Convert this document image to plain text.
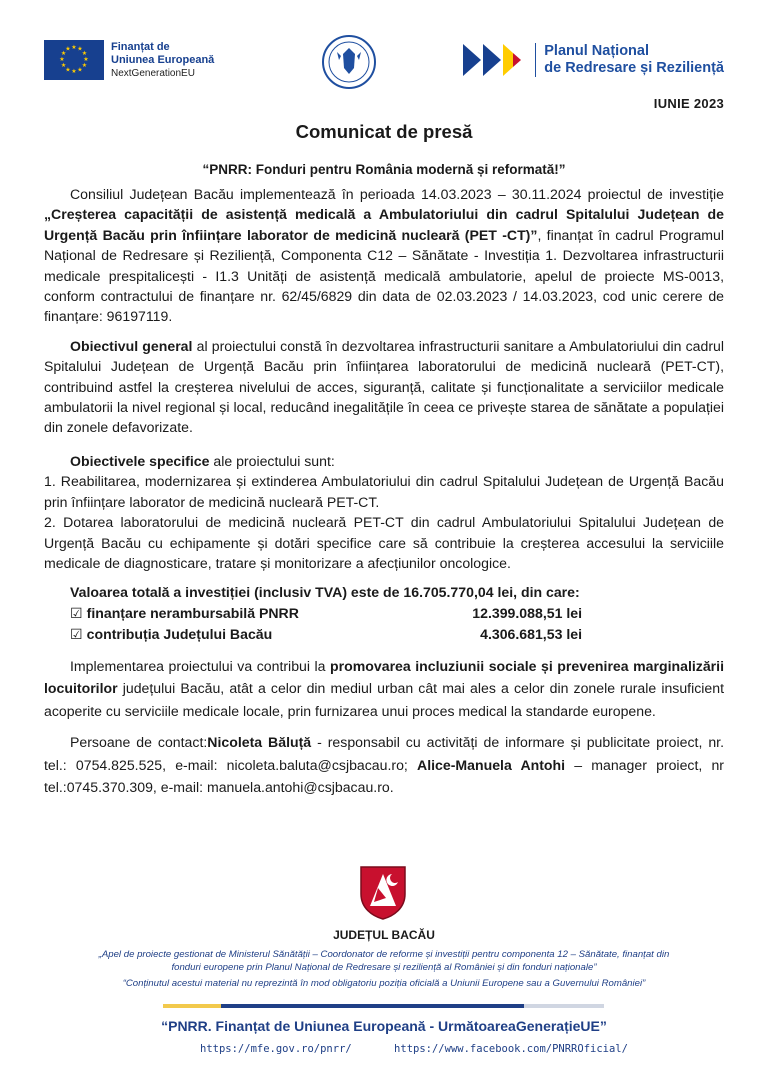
★ ★
★
★
★
★
★
★
★
★
★
★	Finanțat de
Uniunea Europeană
NextGenerationEU
Planul Național
de Redresare și Reziliență
IUNIE 2023
Comunicat de presă
“PNRR: Fonduri pentru România modernă și reformată!”

Consiliul Județean Bacău implementează în perioada 14.03.2023 – 30.11.2024 proiectul de investiție „Creșterea capacității de asistență medicală a Ambulatoriului din cadrul Spitalului Județean de Urgență Bacău prin înființare laborator de medicină nucleară (PET -CT)”, finanțat în cadrul Programul Național de Redresare și Reziliență, Componenta C12 – Sănătate - Investiția 1. Dezvoltarea infrastructurii medicale prespitalicești - I1.3 Unități de asistență medicală ambulatorie, apelul de proiecte MS-0013, conform contractului de finanțare nr. 62/45/6829 din data de 02.03.2023 / 14.03.2023, cod unic cerere de finanțare: 96197119.

Obiectivul general al proiectului constă în dezvoltarea infrastructurii sanitare a Ambulatoriului din cadrul Spitalului Județean de Urgență Bacău prin înființarea laboratorului de medicină nucleară (PET-CT), contribuind astfel la creșterea nivelului de acces, siguranță, calitate și funcționalitate a serviciilor medicale ambulatorii la nivel regional și local, reducând inegalitățile în ceea ce privește starea de sănătate a populației din zonele defavorizate.

Obiectivele specifice ale proiectului sunt:

1. Reabilitarea, modernizarea și extinderea Ambulatoriului din cadrul Spitalului Județean de Urgență Bacău prin înființare laborator de medicină nucleară PET-CT.

2. Dotarea laboratorului de medicină nucleară PET-CT din cadrul Ambulatoriului Spitalului Județean de Urgență Bacău cu echipamente și dotări specifice care să contribuie la creșterea accesului la serviciile medicale de diagnosticare, tratare și monitorizare a afecțiunilor oncologice.

Valoarea totală a investiției (inclusiv TVA) este de 16.705.770,04 lei, din care:
☑ finanțare nerambursabilă PNRR	12.399.088,51 lei
☑ contribuția Județului Bacău	4.306.681,53 lei

Implementarea proiectului va contribui la promovarea incluziunii sociale și prevenirea marginalizării locuitorilor județului Bacău, atât a celor din mediul urban cât mai ales a celor din zonele rurale insuficient acoperite cu serviciile medicale locale, prin furnizarea unui proces medical la standarde europene.

Persoane de contact:Nicoleta Băluță - responsabil cu activități de informare și publicitate proiect, nr. tel.: 0754.825.525, e-mail: nicoleta.baluta@csjbacau.ro; Alice-Manuela Antohi – manager proiect, nr tel.:0745.370.309, e-mail: manuela.antohi@csjbacau.ro.

JUDEȚUL BACĂU
„Apel de proiecte gestionat de Ministerul Sănătății – Coordonator de reforme și investiții pentru componenta 12 – Sănătate, finanțat din fonduri europene prin Planul Național de Redresare și reziliență al României și din fonduri naționale”
“Conținutul acestui material nu reprezintă în mod obligatoriu poziția oficială a Uniunii Europene sau a Guvernului României”
“PNRR. Finanțat de Uniunea Europeană - UrmătoareaGenerațieUE”
https://mfe.gov.ro/pnrr/	https://www.facebook.com/PNRROficial/
